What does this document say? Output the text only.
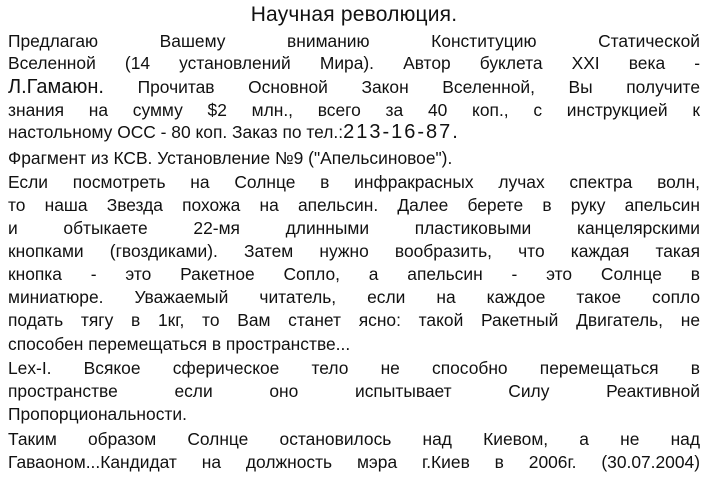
Научная революция.
Предлагаю Вашему вниманию Конституцию Статической
Вселенной (14 установлений Мира). Автор буклета XXI века -
Л.Гамаюн. Прочитав Основной Закон Вселенной, Вы получите
знания на сумму $2 млн., всего за 40 коп., с инструкцией к
настольному ОСС - 80 коп. Заказ по тел.:213-16-87.
Фрагмент из КСВ. Установление №9 ("Апельсиновое").
Если посмотреть на Солнце в инфракрасных лучах спектра волн,
то наша Звезда похожа на апельсин. Далее берете в руку апельсин
и обтыкаете 22-мя длинными пластиковыми канцелярскими
кнопками (гвоздиками). Затем нужно вообразить, что каждая такая
кнопка - это Ракетное Сопло, а апельсин - это Солнце в
миниатюре. Уважаемый читатель, если на каждое такое сопло
подать тягу в 1кг, то Вам станет ясно: такой Ракетный Двигатель, не
способен перемещаться в пространстве...
Lex-I. Всякое сферическое тело не способно перемещаться в
пространстве если оно испытывает Силу Реактивной
Пропорциональности.
Таким образом Солнце остановилось над Киевом, а не над
Гаваоном...Кандидат на должность мэра г.Киев в 2006г. (30.07.2004)
